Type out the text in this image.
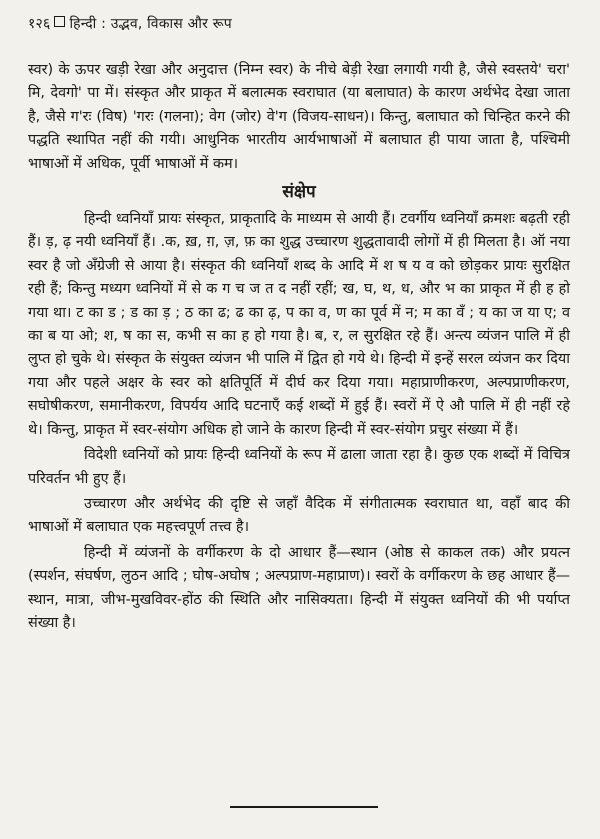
१२६ हिन्दी : उद्भव, विकास और रूप

स्वर) के ऊपर खड़ी रेखा और अनुदात्त (निम्न स्वर) के नीचे बेड़ी रेखा लगायी गयी है, जैसे स्वस्तये' चरा' मि, देवगो' पा में। संस्कृत और प्राकृत में बलात्मक स्वराघात (या बलाघात) के कारण अर्थभेद देखा जाता है, जैसे ग'रः (विष) 'गरः (गलना); वेग (जोर) वे'ग (विजय-साधन)। किन्तु, बलाघात को चिन्हित करने की पद्धति स्थापित नहीं की गयी। आधुनिक भारतीय आर्यभाषाओं में बलाघात ही पाया जाता है, पश्चिमी भाषाओं में अधिक, पूर्वी भाषाओं में कम।

संक्षेप

हिन्दी ध्वनियाँ प्रायः संस्कृत, प्राकृतादि के माध्यम से आयी हैं। टवर्गीय ध्वनियाँ क्रमशः बढ़ती रही हैं। ड़, ढ़ नयी ध्वनियाँ हैं। .क, ख़, ग़, ज़, फ़ का शुद्ध उच्चारण शुद्धतावादी लोगों में ही मिलता है। ऑ नया स्वर है जो अँग्रेजी से आया है। संस्कृत की ध्वनियाँ शब्द के आदि में श ष य व को छोड़कर प्रायः सुरक्षित रही हैं; किन्तु मध्यग ध्वनियों में से क ग च ज त द नहीं रहीं; ख, घ, थ, ध, और भ का प्राकृत में ही ह हो गया था। ट का ड ; ड का ड़ ; ठ का ढ; ढ का ढ़, प का व, ण का पूर्व में न; म का वँ ; य का ज या ए; व का ब या ओ; श, ष का स, कभी स का ह हो गया है। ब, र, ल सुरक्षित रहे हैं। अन्त्य व्यंजन पालि में ही लुप्त हो चुके थे। संस्कृत के संयुक्त व्यंजन भी पालि में द्वित हो गये थे। हिन्दी में इन्हें सरल व्यंजन कर दिया गया और पहले अक्षर के स्वर को क्षतिपूर्ति में दीर्घ कर दिया गया। महाप्राणीकरण, अल्पप्राणीकरण, सघोषीकरण, समानीकरण, विपर्यय आदि घटनाएँ कई शब्दों में हुई हैं। स्वरों में ऐ औ पालि में ही नहीं रहे थे। किन्तु, प्राकृत में स्वर-संयोग अधिक हो जाने के कारण हिन्दी में स्वर-संयोग प्रचुर संख्या में हैं।

विदेशी ध्वनियों को प्रायः हिन्दी ध्वनियों के रूप में ढाला जाता रहा है। कुछ एक शब्दों में विचित्र परिवर्तन भी हुए हैं।

उच्चारण और अर्थभेद की दृष्टि से जहाँ वैदिक में संगीतात्मक स्वराघात था, वहाँ बाद की भाषाओं में बलाघात एक महत्त्वपूर्ण तत्त्व है।

हिन्दी में व्यंजनों के वर्गीकरण के दो आधार हैं—स्थान (ओष्ठ से काकल तक) और प्रयत्न (स्पर्शन, संघर्षण, लुठन आदि ; घोष-अघोष ; अल्पप्राण-महाप्राण)। स्वरों के वर्गीकरण के छह आधार हैं—स्थान, मात्रा, जीभ-मुखविवर-होंठ की स्थिति और नासिक्यता। हिन्दी में संयुक्त ध्वनियों की भी पर्याप्त संख्या है।
